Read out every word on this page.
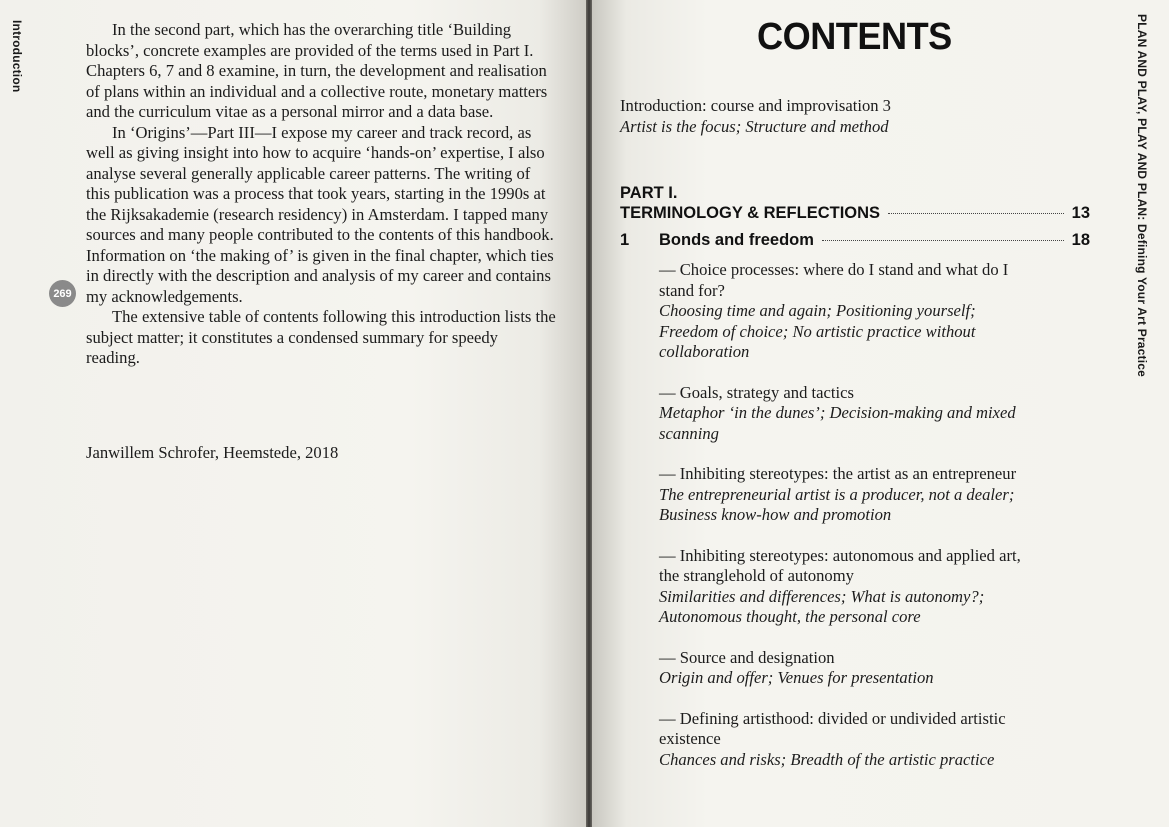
Introduction
269

In the second part, which has the overarching title ‘Building blocks’, concrete examples are provided of the terms used in Part I. Chapters 6, 7 and 8 examine, in turn, the development and realisation of plans within an individual and a collective route, monetary matters and the curriculum vitae as a personal mirror and a data base.

In ‘Origins’—Part III—I expose my career and track record, as well as giving insight into how to acquire ‘hands-on’ expertise, I also analyse several generally applicable career patterns. The writing of this publication was a process that took years, starting in the 1990s at the Rijksakademie (research residency) in Amsterdam. I tapped many sources and many people contributed to the contents of this handbook. Information on ‘the making of’ is given in the final chapter, which ties in directly with the description and analysis of my career and contains my acknowledgements.

The extensive table of contents following this introduction lists the subject matter; it constitutes a condensed summary for speedy reading.

Janwillem Schrofer, Heemstede, 2018
CONTENTS	PLAN AND PLAY, PLAY AND PLAN: Defining Your Art Practice
Introduction: course and improvisation 3
Artist is the focus; Structure and method
PART I.
TERMINOLOGY & REFLECTIONS	13
1	Bonds and freedom	18
— Choice processes: where do I stand and what do I stand for?
Choosing time and again; Positioning yourself; Freedom of choice; No artistic practice without collaboration
— Goals, strategy and tactics
Metaphor ‘in the dunes’; Decision-making and mixed scanning
— Inhibiting stereotypes: the artist as an entrepreneur
The entrepreneurial artist is a producer, not a dealer; Business know-how and promotion
— Inhibiting stereotypes: autonomous and applied art, the stranglehold of autonomy
Similarities and differences; What is autonomy?; Autonomous thought, the personal core
— Source and designation
Origin and offer; Venues for presentation
— Defining artisthood: divided or undivided artistic existence
Chances and risks; Breadth of the artistic practice
